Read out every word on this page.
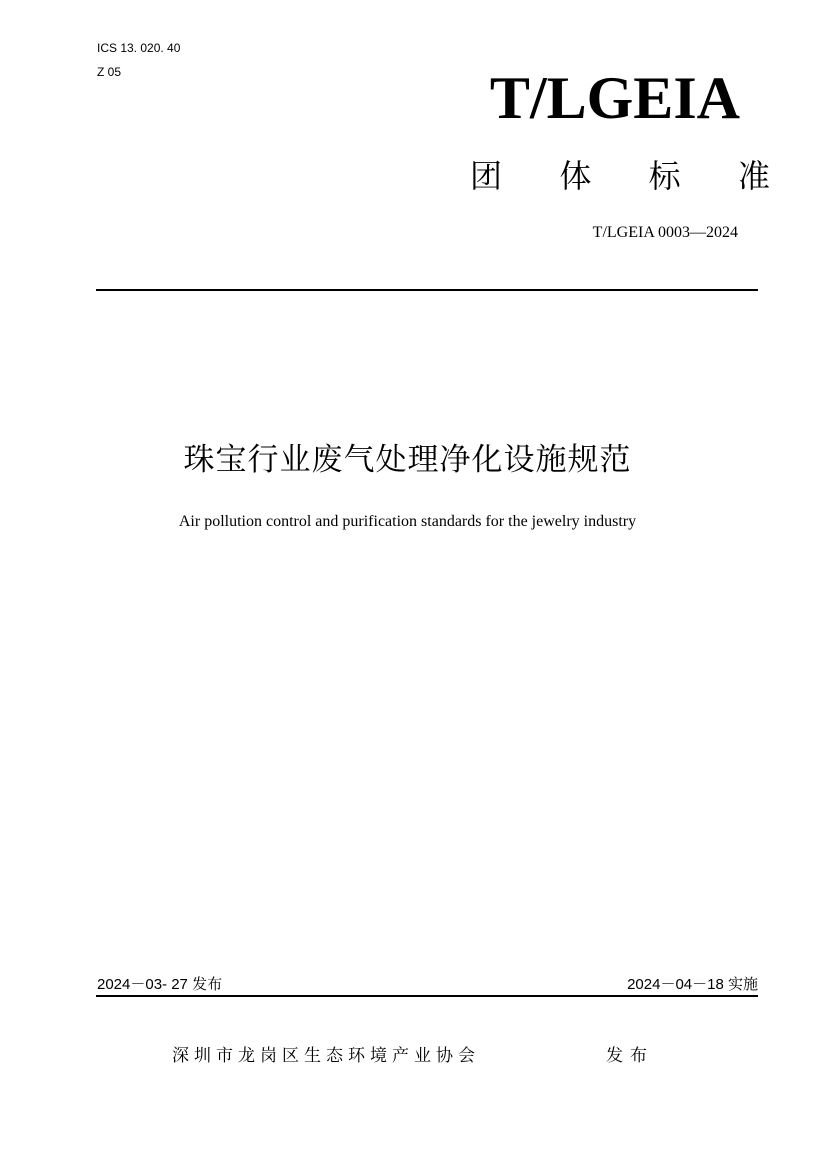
ICS 13. 020. 40
Z 05	T/LGEIA
团 体 标 准
T/LGEIA 0003—2024
珠宝行业废气处理净化设施规范
Air pollution control and purification standards for the jewelry industry
2024－03- 27 发布	2024－04－18 实施
深圳市龙岗区生态环境产业协会	发布
